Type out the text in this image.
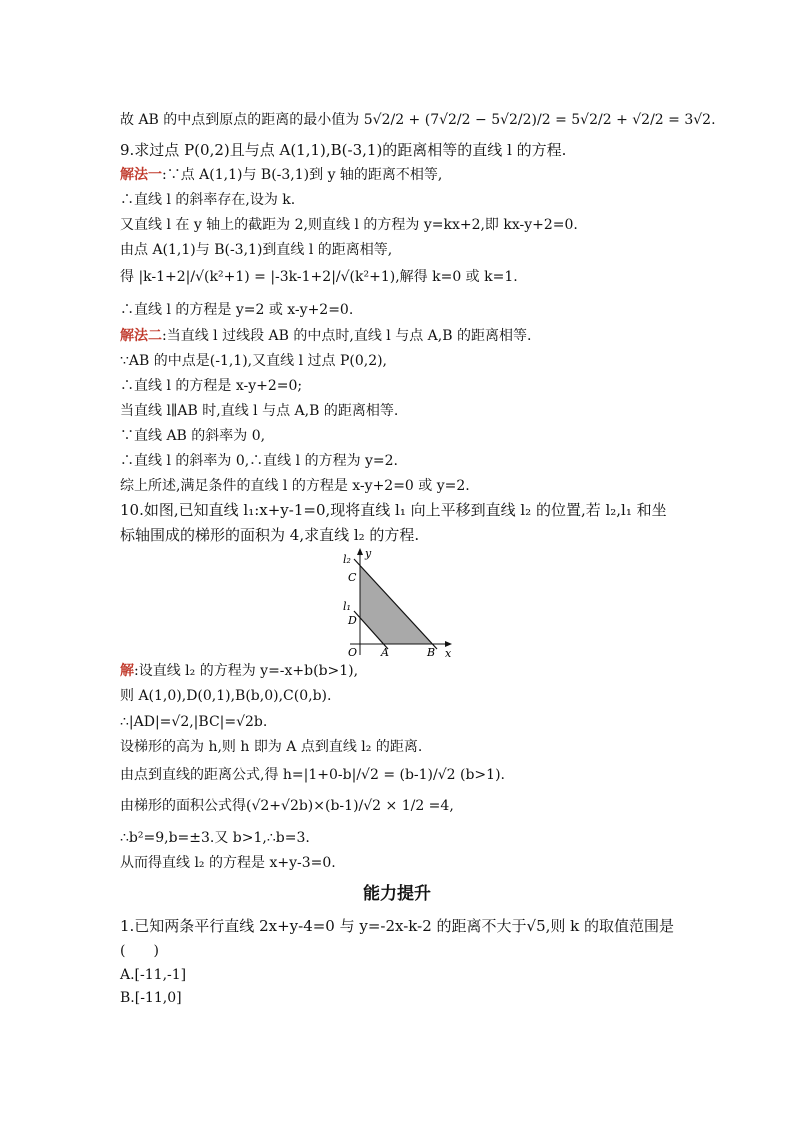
故 AB 的中点到原点的距离的最小值为 5√2/2 + (7√2/2 − 5√2/2)/2 = 5√2/2 + √2/2 = 3√2.
9.求过点 P(0,2)且与点 A(1,1),B(-3,1)的距离相等的直线 l 的方程.
解法一:∵点 A(1,1)与 B(-3,1)到 y 轴的距离不相等,
∴直线 l 的斜率存在,设为 k.
又直线 l 在 y 轴上的截距为 2,则直线 l 的方程为 y=kx+2,即 kx-y+2=0.
由点 A(1,1)与 B(-3,1)到直线 l 的距离相等,
得 |k-1+2|/√(k²+1) = |-3k-1+2|/√(k²+1),解得 k=0 或 k=1.
∴直线 l 的方程是 y=2 或 x-y+2=0.
解法二:当直线 l 过线段 AB 的中点时,直线 l 与点 A,B 的距离相等.
∵AB 的中点是(-1,1),又直线 l 过点 P(0,2),
∴直线 l 的方程是 x-y+2=0;
当直线 l∥AB 时,直线 l 与点 A,B 的距离相等.
∵直线 AB 的斜率为 0,
∴直线 l 的斜率为 0,∴直线 l 的方程为 y=2.
综上所述,满足条件的直线 l 的方程是 x-y+2=0 或 y=2.
10.如图,已知直线 l₁:x+y-1=0,现将直线 l₁ 向上平移到直线 l₂ 的位置,若 l₂,l₁ 和坐
标轴围成的梯形的面积为 4,求直线 l₂ 的方程.
l₂
l₁
y
x
C
D
O A	B
解:设直线 l₂ 的方程为 y=-x+b(b>1),
则 A(1,0),D(0,1),B(b,0),C(0,b).
∴|AD|=√2,|BC|=√2b.
设梯形的高为 h,则 h 即为 A 点到直线 l₂ 的距离.
由点到直线的距离公式,得 h=|1+0-b|/√2 = (b-1)/√2 (b>1).
由梯形的面积公式得(√2+√2b)×(b-1)/√2 × 1/2 =4,
∴b²=9,b=±3.又 b>1,∴b=3.
从而得直线 l₂ 的方程是 x+y-3=0.
能力提升
1.已知两条平行直线 2x+y-4=0 与 y=-2x-k-2 的距离不大于√5,则 k 的取值范围是
(　　)
A.[-11,-1]
B.[-11,0]
